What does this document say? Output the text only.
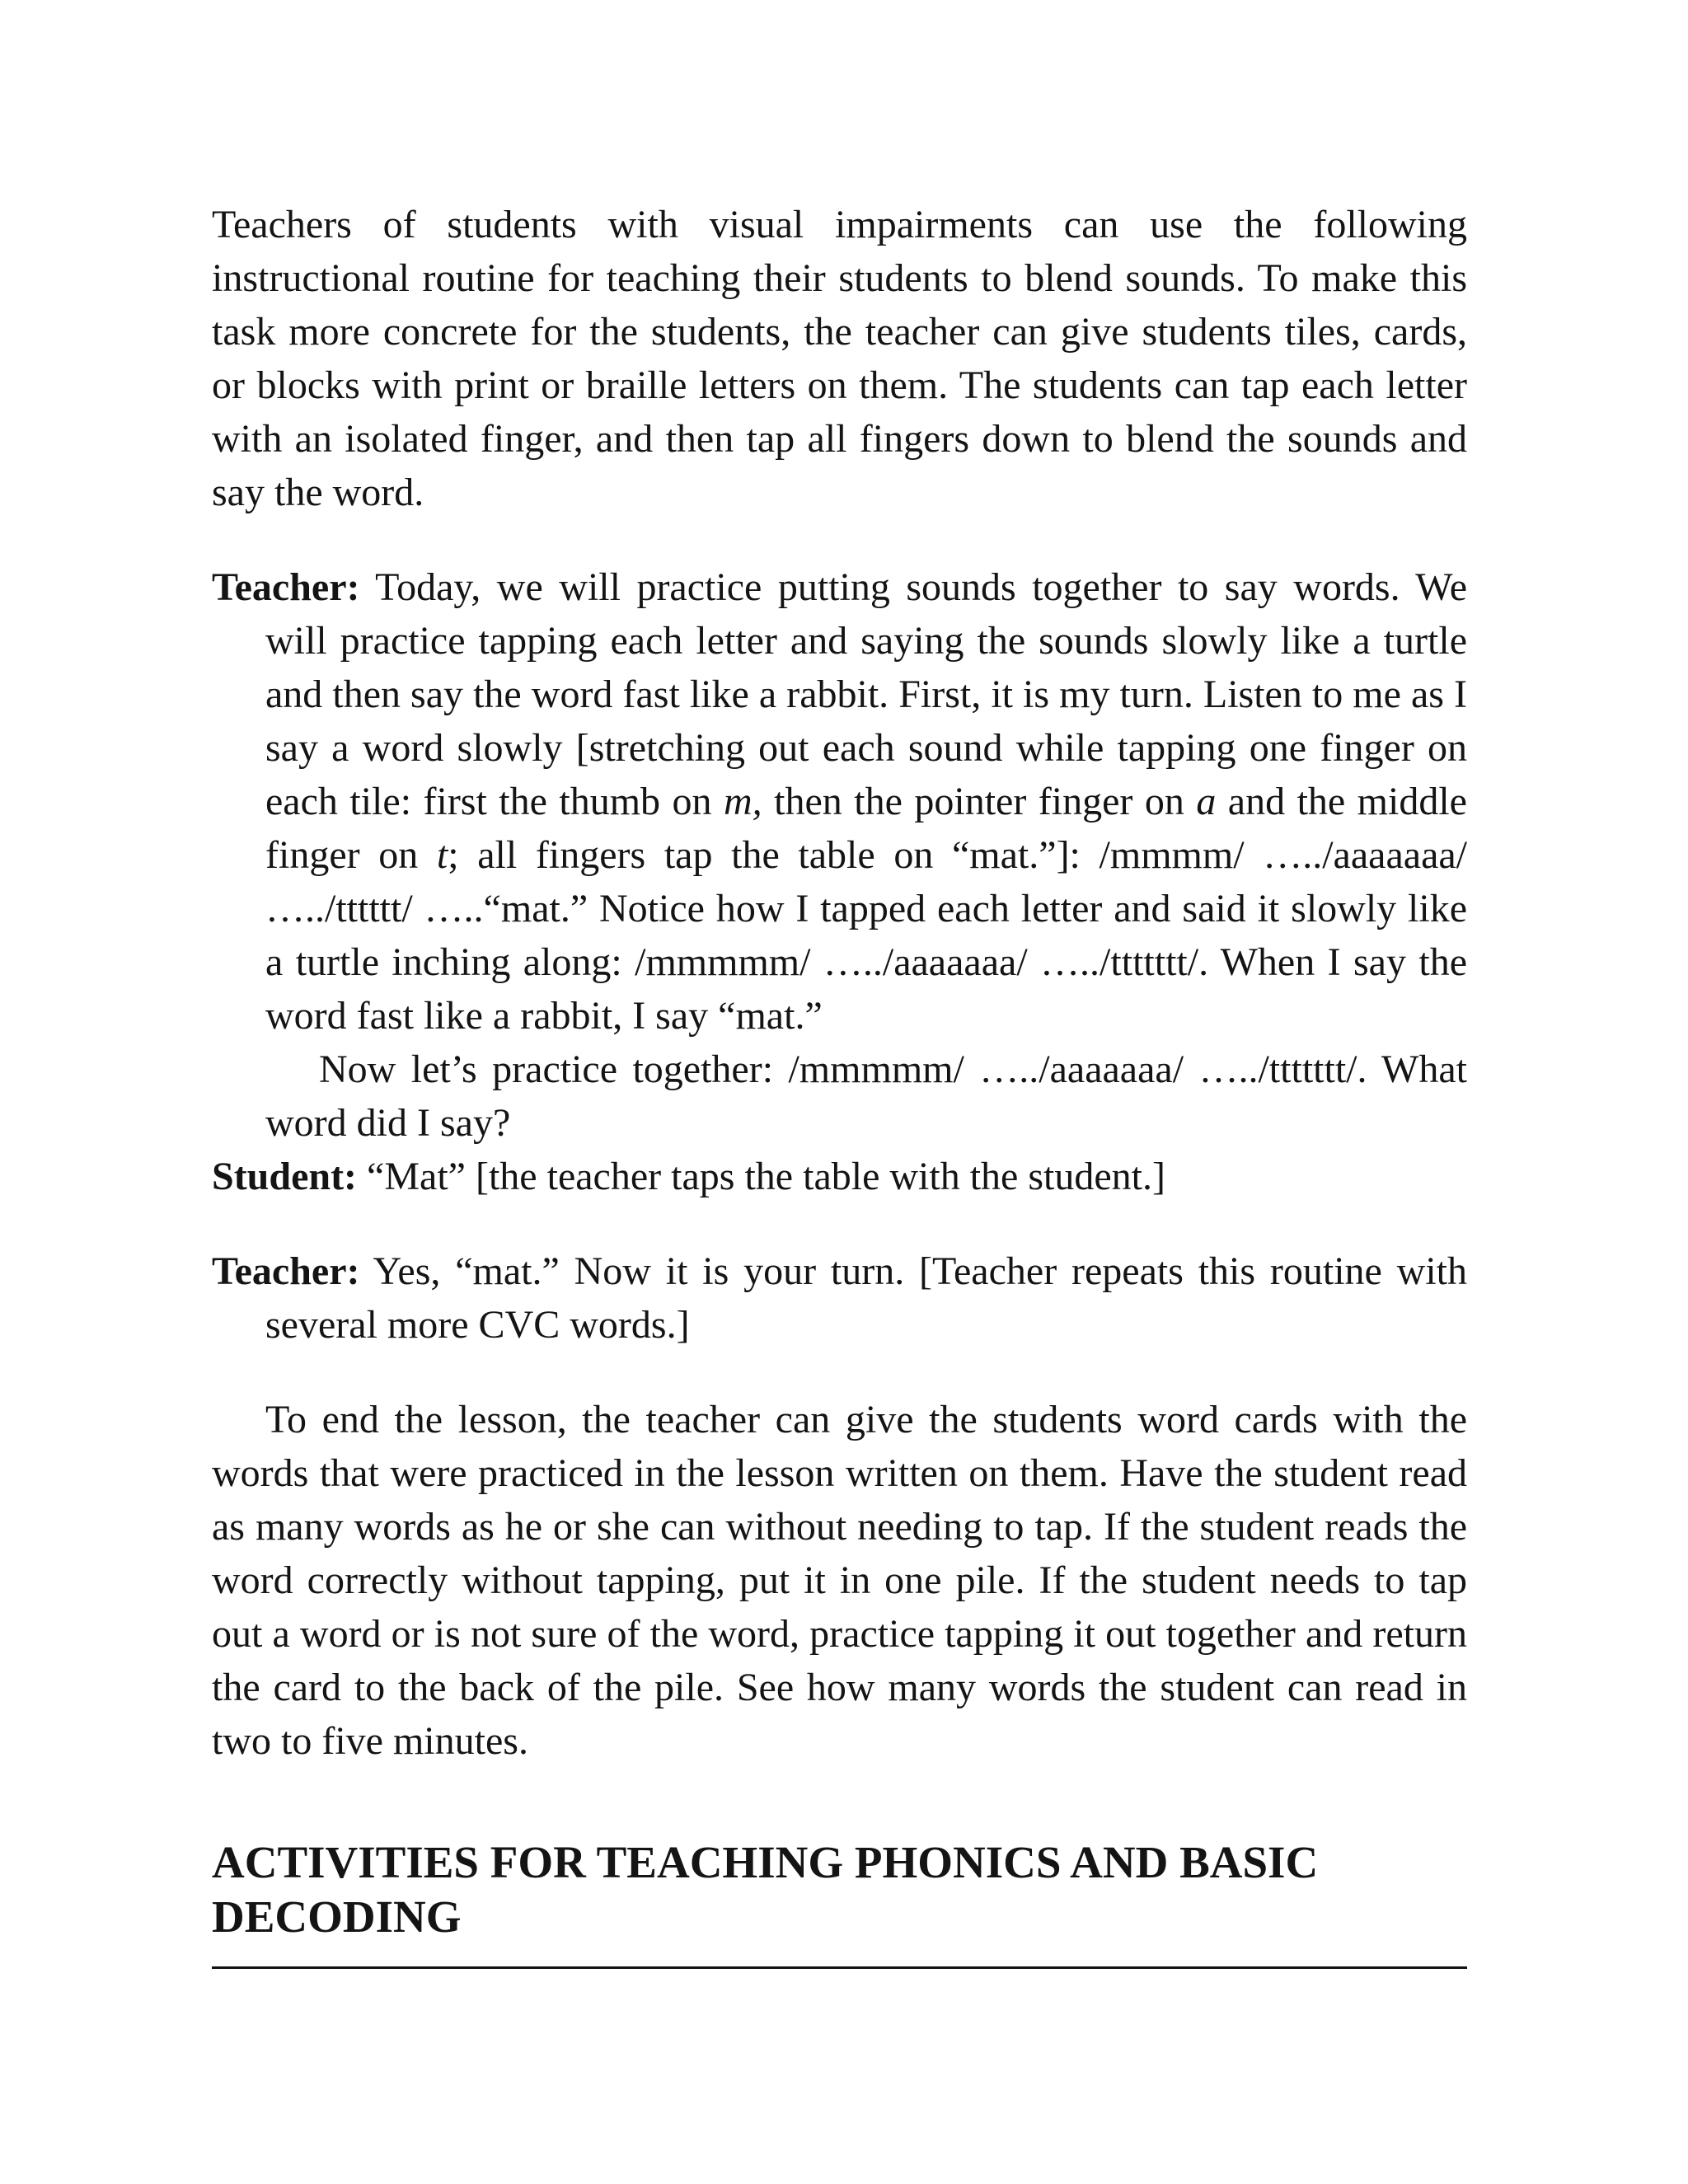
Teachers of students with visual impairments can use the following instructional routine for teaching their students to blend sounds. To make this task more concrete for the students, the teacher can give students tiles, cards, or blocks with print or braille letters on them. The students can tap each letter with an isolated finger, and then tap all fingers down to blend the sounds and say the word.

Teacher: Today, we will practice putting sounds together to say words. We will practice tapping each letter and saying the sounds slowly like a turtle and then say the word fast like a rabbit. First, it is my turn. Listen to me as I say a word slowly [stretching out each sound while tapping one finger on each tile: first the thumb on m, then the pointer finger on a and the middle finger on t; all fingers tap the table on “mat.”]: /mmmm/ …../aaaaaaa/ …../tttttt/ …..“mat.” Notice how I tapped each letter and said it slowly like a turtle inching along: /mmmmm/ …../aaaaaaa/ …../ttttttt/. When I say the word fast like a rabbit, I say “mat.”

Now let’s practice together: /mmmmm/ …../aaaaaaa/ …../ttttttt/. What word did I say?

Student: “Mat” [the teacher taps the table with the student.]

Teacher: Yes, “mat.” Now it is your turn. [Teacher repeats this routine with several more CVC words.]

To end the lesson, the teacher can give the students word cards with the words that were practiced in the lesson written on them. Have the student read as many words as he or she can without needing to tap. If the student reads the word correctly without tapping, put it in one pile. If the student needs to tap out a word or is not sure of the word, practice tapping it out together and return the card to the back of the pile. See how many words the student can read in two to five minutes.

ACTIVITIES FOR TEACHING PHONICS AND BASIC
DECODING
